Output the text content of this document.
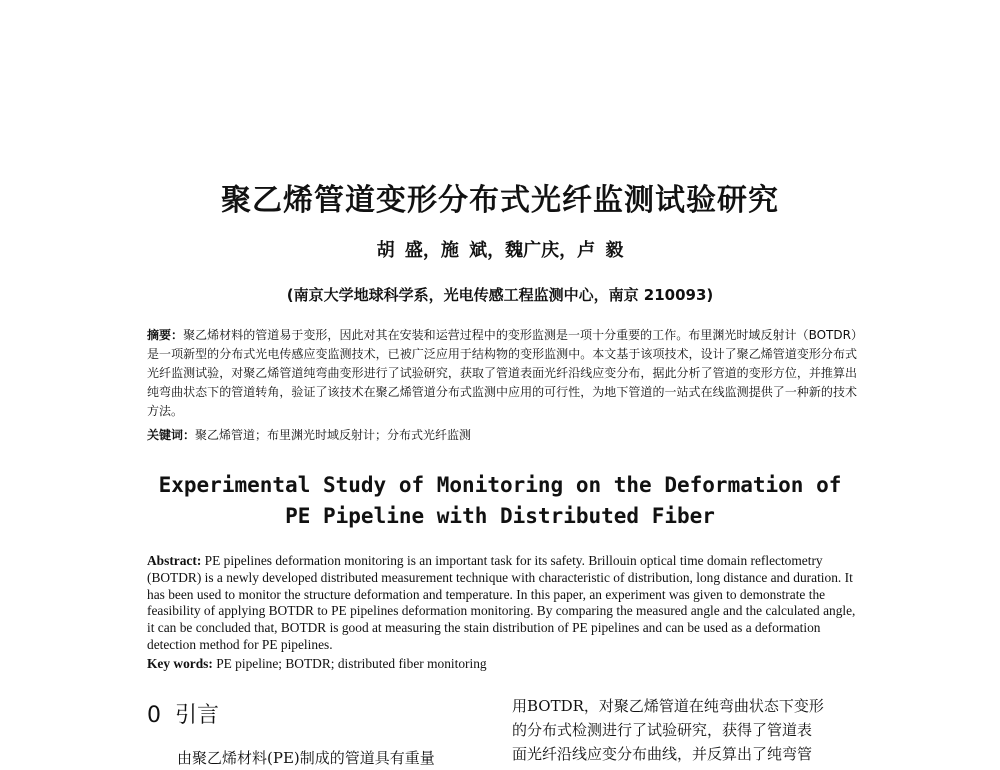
聚乙烯管道变形分布式光纤监测试验研究
胡 盛，施 斌，魏广庆，卢 毅
(南京大学地球科学系，光电传感工程监测中心，南京 210093)
摘要：聚乙烯材料的管道易于变形，因此对其在安装和运营过程中的变形监测是一项十分重要的工作。布里渊光时域反射计（BOTDR）是一项新型的分布式光电传感应变监测技术，已被广泛应用于结构物的变形监测中。本文基于该项技术，设计了聚乙烯管道变形分布式光纤监测试验，对聚乙烯管道纯弯曲变形进行了试验研究，获取了管道表面光纤沿线应变分布，据此分析了管道的变形方位，并推算出纯弯曲状态下的管道转角，验证了该技术在聚乙烯管道分布式监测中应用的可行性，为地下管道的一站式在线监测提供了一种新的技术方法。
关键词：聚乙烯管道；布里渊光时域反射计；分布式光纤监测
Experimental Study of Monitoring on the Deformation of PE Pipeline with Distributed Fiber
Abstract: PE pipelines deformation monitoring is an important task for its safety. Brillouin optical time domain reflectometry (BOTDR) is a newly developed distributed measurement technique with characteristic of distribution, long distance and duration. It has been used to monitor the structure deformation and temperature. In this paper, an experiment was given to demonstrate the feasibility of applying BOTDR to PE pipelines deformation monitoring. By comparing the measured angle and the calculated angle, it can be concluded that, BOTDR is good at measuring the stain distribution of PE pipelines and can be used as a deformation detection method for PE pipelines.
Key words: PE pipeline; BOTDR; distributed fiber monitoring
0 引言
由聚乙烯材料(PE)制成的管道具有重量
用BOTDR，对聚乙烯管道在纯弯曲状态下变形
的分布式检测进行了试验研究，获得了管道表
面光纤沿线应变分布曲线，并反算出了纯弯管
